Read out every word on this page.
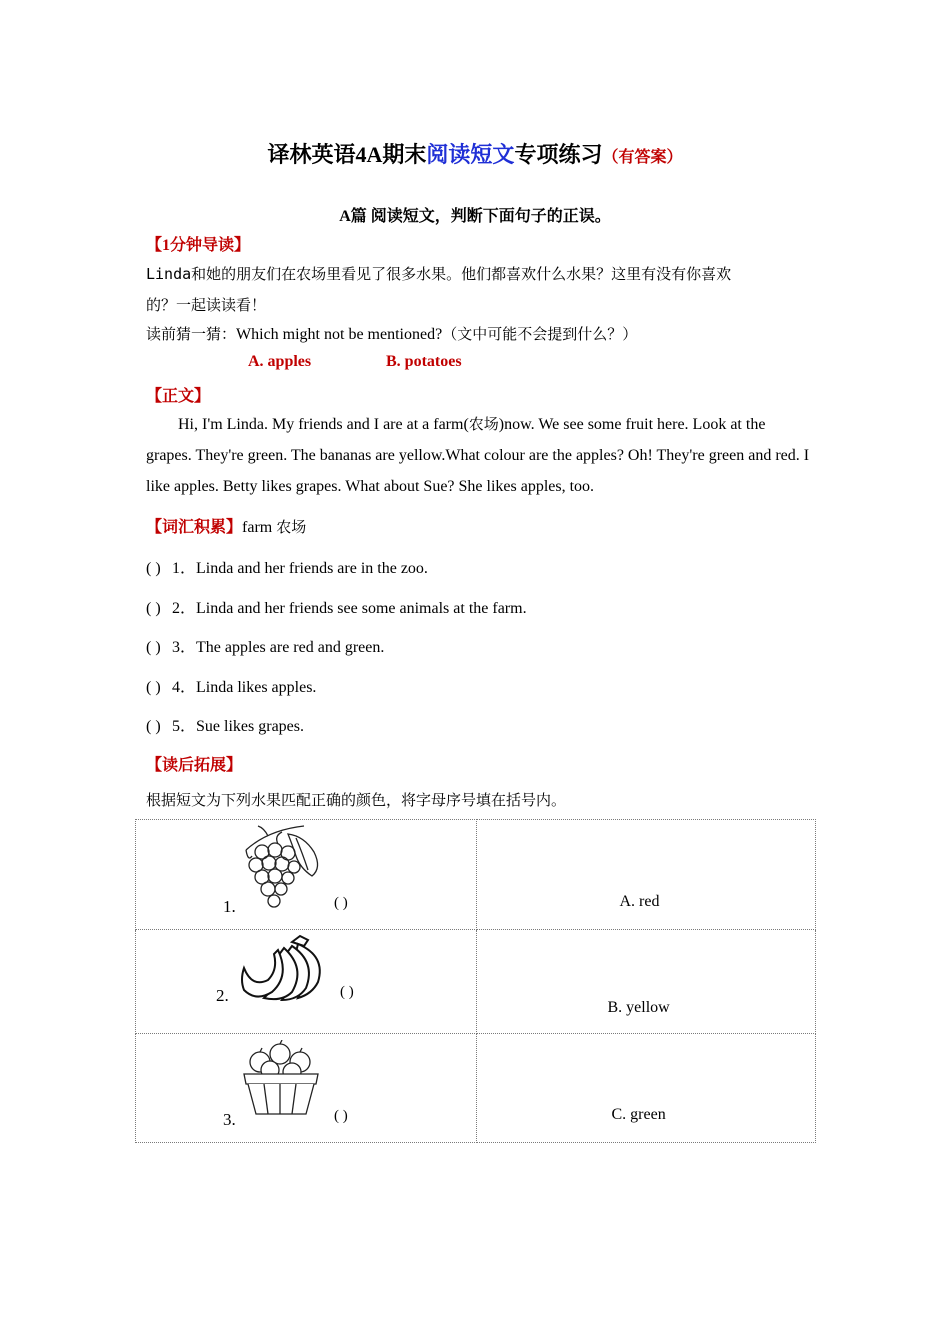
译林英语4A期末阅读短文专项练习（有答案）
A篇 阅读短文，判断下面句子的正误。
【1分钟导读】
Linda和她的朋友们在农场里看见了很多水果。他们都喜欢什么水果？这里有没有你喜欢
的？一起读读看！
读前猜一猜：Which might not be mentioned?（文中可能不会提到什么？）
A. apples	B. potatoes
【正文】
Hi, I'm Linda. My friends and I are at a farm(农场)now. We see some fruit here. Look at the grapes. They're green. The bananas are yellow.What colour are the apples? Oh! They're green and red. I like apples. Betty likes grapes. What about Sue? She likes apples, too.
【词汇积累】farm 农场
( ) 1．Linda and her friends are in the zoo.
( ) 2．Linda and her friends see some animals at the farm.
( ) 3．The apples are red and green.
( ) 4．Linda likes apples.
( ) 5．Sue likes grapes.
【读后拓展】
根据短文为下列水果匹配正确的颜色，将字母序号填在括号内。
1. ( )	A. red

2. ( )	B. yellow

3. ( )	C. green
